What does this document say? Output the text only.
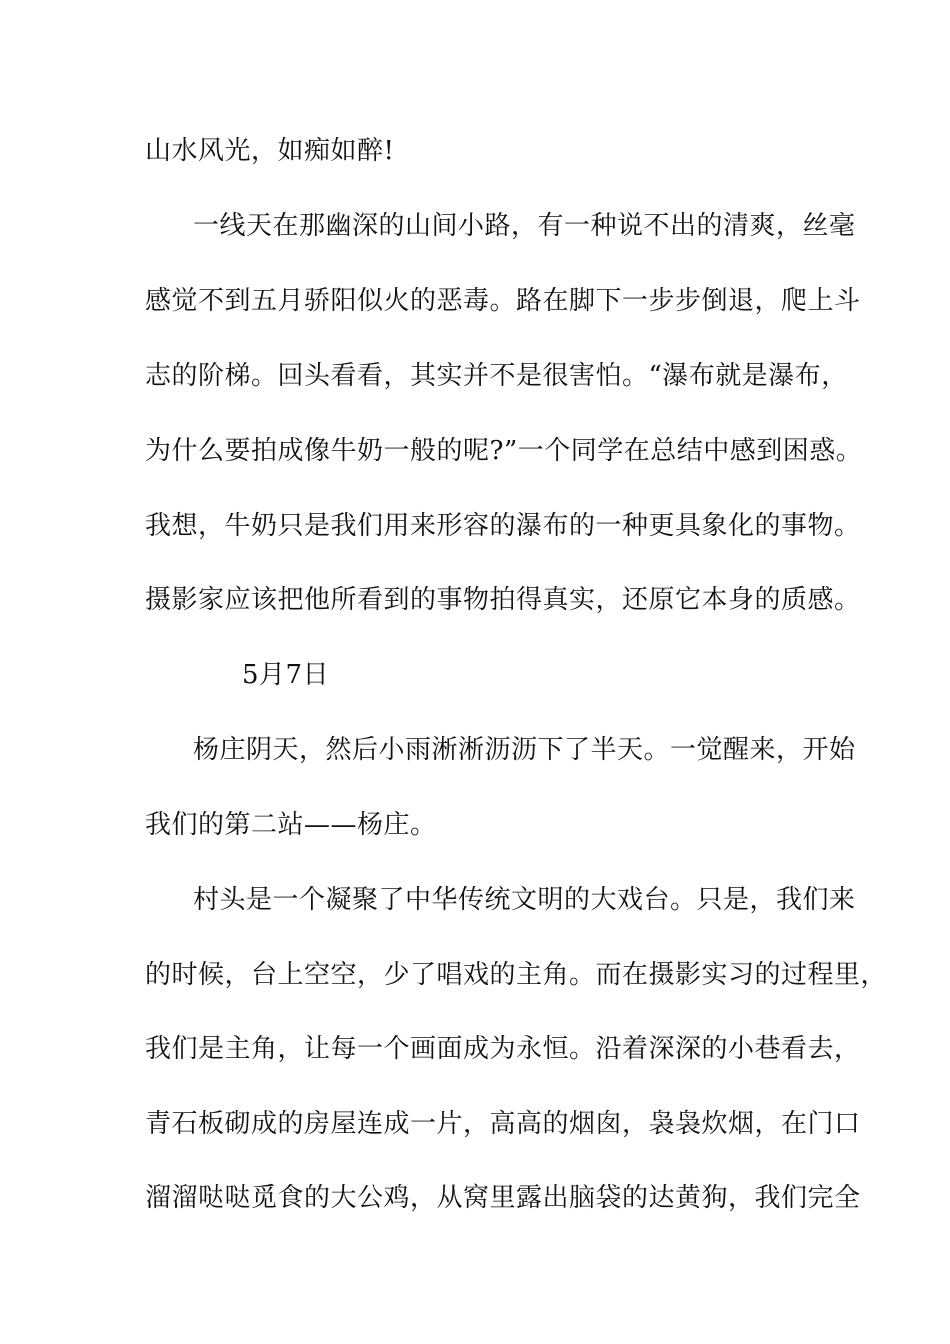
山水风光，如痴如醉!
一线天在那幽深的山间小路，有一种说不出的清爽，丝毫
感觉不到五月骄阳似火的恶毒。路在脚下一步步倒退，爬上斗
志的阶梯。回头看看，其实并不是很害怕。“瀑布就是瀑布，
为什么要拍成像牛奶一般的呢?”一个同学在总结中感到困惑。
我想，牛奶只是我们用来形容的瀑布的一种更具象化的事物。
摄影家应该把他所看到的事物拍得真实，还原它本身的质感。
5月7日
杨庄阴天，然后小雨淅淅沥沥下了半天。一觉醒来，开始
我们的第二站——杨庄。
村头是一个凝聚了中华传统文明的大戏台。只是，我们来
的时候，台上空空，少了唱戏的主角。而在摄影实习的过程里，
我们是主角，让每一个画面成为永恒。沿着深深的小巷看去，
青石板砌成的房屋连成一片，高高的烟囱，袅袅炊烟，在门口
溜溜哒哒觅食的大公鸡，从窝里露出脑袋的达黄狗，我们完全
